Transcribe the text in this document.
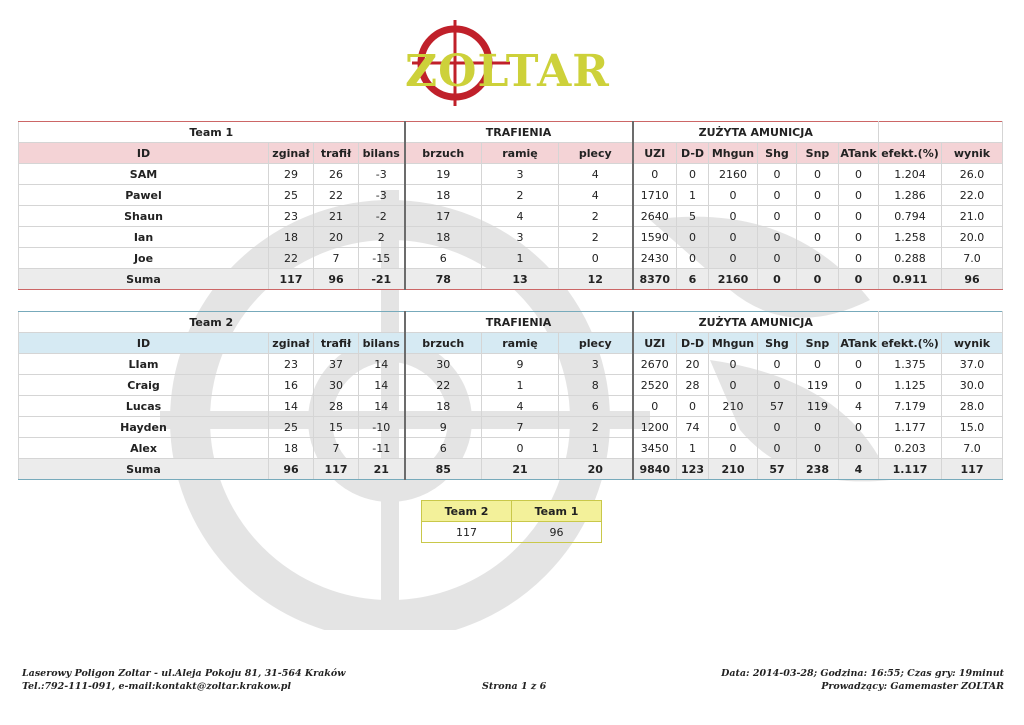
ZOLTAR
Team 1				TRAFIENIA			ZUŻYTA AMUNICJA							
ID	zginał	trafił	bilans	brzuch	ramię	plecy	UZI	D-D	Mhgun	Shg	Snp	ATank	efekt.(%)	wynik
SAM	29	26	-3	19	3	4	0	0	2160	0	0	0	1.204	26.0
Pawel	25	22	-3	18	2	4	1710	1	0	0	0	0	1.286	22.0
Shaun	23	21	-2	17	4	2	2640	5	0	0	0	0	0.794	21.0
Ian	18	20	2	18	3	2	1590	0	0	0	0	0	1.258	20.0
Joe	22	7	-15	6	1	0	2430	0	0	0	0	0	0.288	7.0
Suma	117	96	-21	78	13	12	8370	6	2160	0	0	0	0.911	96
Team 2				TRAFIENIA			ZUŻYTA AMUNICJA							
ID	zginał	trafił	bilans	brzuch	ramię	plecy	UZI	D-D	Mhgun	Shg	Snp	ATank	efekt.(%)	wynik
LIam	23	37	14	30	9	3	2670	20	0	0	0	0	1.375	37.0
Craig	16	30	14	22	1	8	2520	28	0	0	119	0	1.125	30.0
Lucas	14	28	14	18	4	6	0	0	210	57	119	4	7.179	28.0
Hayden	25	15	-10	9	7	2	1200	74	0	0	0	0	1.177	15.0
Alex	18	7	-11	6	0	1	3450	1	0	0	0	0	0.203	7.0
Suma	96	117	21	85	21	20	9840	123	210	57	238	4	1.117	117
Team 2	Team 1
117	96
Laserowy Poligon Zoltar - ul.Aleja Pokoju 81, 31-564 Kraków
Tel.:792-111-091, e-mail:kontakt@zoltar.krakow.pl	Strona 1 z 6
Data: 2014-03-28; Godzina: 16:55; Czas gry: 19minut
Prowadzący: Gamemaster ZOLTAR
